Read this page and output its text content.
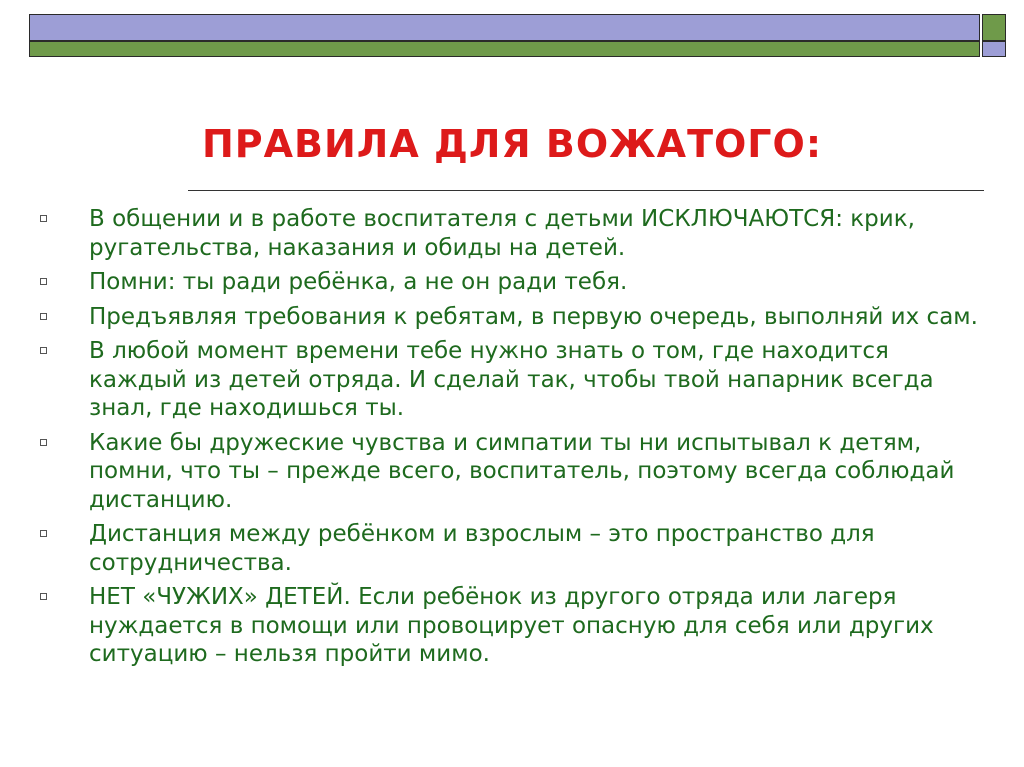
ПРАВИЛА ДЛЯ ВОЖАТОГО:
В общении и в работе воспитателя с детьми ИСКЛЮЧАЮТСЯ: крик, ругательства, наказания и обиды на детей.
Помни: ты ради ребёнка, а не он ради тебя.
Предъявляя требования к ребятам, в первую очередь, выполняй их сам.
В любой момент времени тебе нужно знать о том, где находится каждый из детей отряда. И сделай так, чтобы твой напарник всегда знал, где находишься ты.
Какие бы дружеские чувства и симпатии ты ни испытывал к детям, помни, что ты – прежде всего, воспитатель, поэтому всегда соблюдай дистанцию.
Дистанция между ребёнком и взрослым – это пространство для сотрудничества.
НЕТ «ЧУЖИХ» ДЕТЕЙ. Если ребёнок из другого отряда или лагеря нуждается в помощи или провоцирует опасную для себя или других ситуацию – нельзя пройти мимо.
